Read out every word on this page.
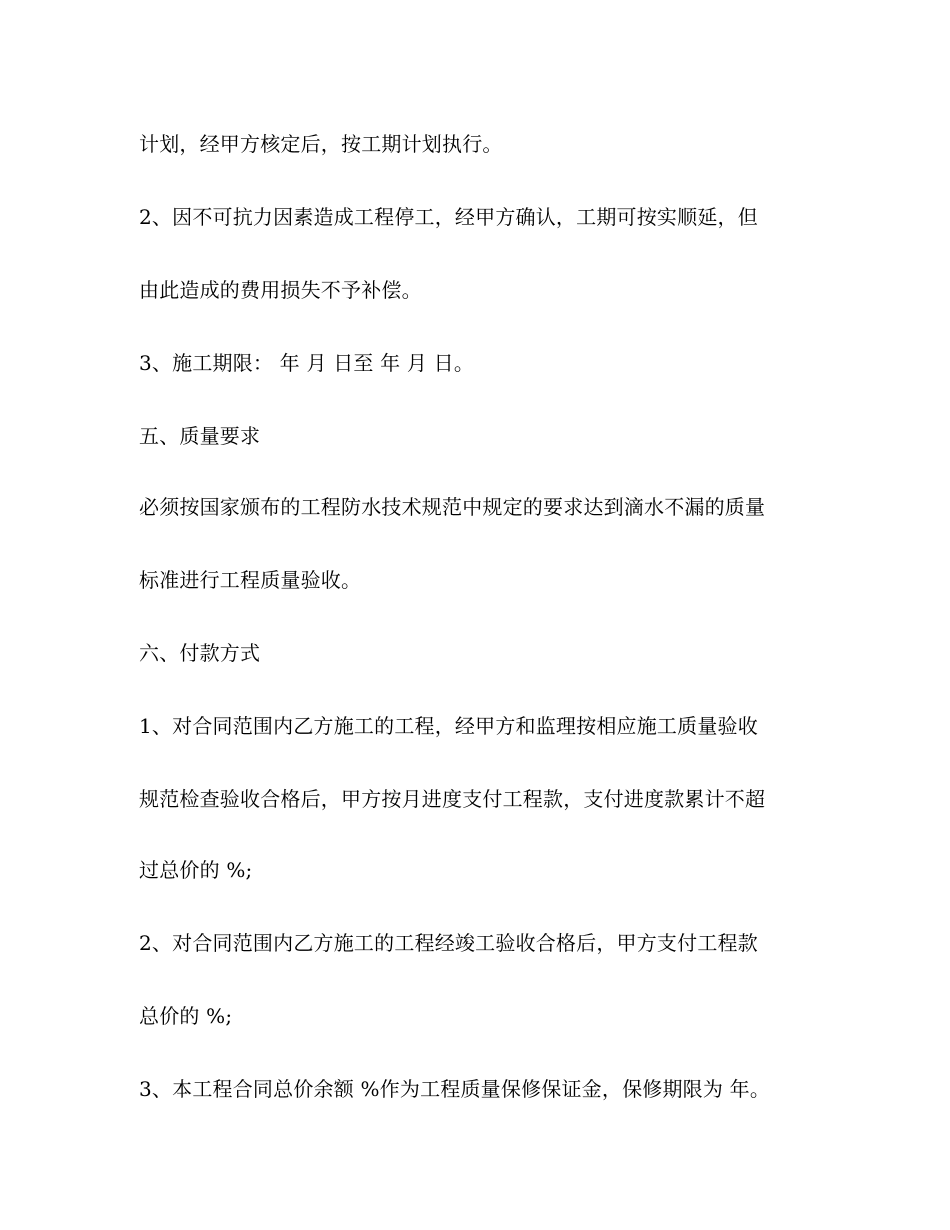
计划，经甲方核定后，按工期计划执行。
2、因不可抗力因素造成工程停工，经甲方确认，工期可按实顺延，但
由此造成的费用损失不予补偿。
3、施工期限： 年 月 日至 年 月 日。
五、质量要求
必须按国家颁布的工程防水技术规范中规定的要求达到滴水不漏的质量
标准进行工程质量验收。
六、付款方式
1、对合同范围内乙方施工的工程，经甲方和监理按相应施工质量验收
规范检查验收合格后，甲方按月进度支付工程款，支付进度款累计不超
过总价的 %;
2、对合同范围内乙方施工的工程经竣工验收合格后，甲方支付工程款
总价的 %;
3、本工程合同总价余额 %作为工程质量保修保证金，保修期限为 年。
